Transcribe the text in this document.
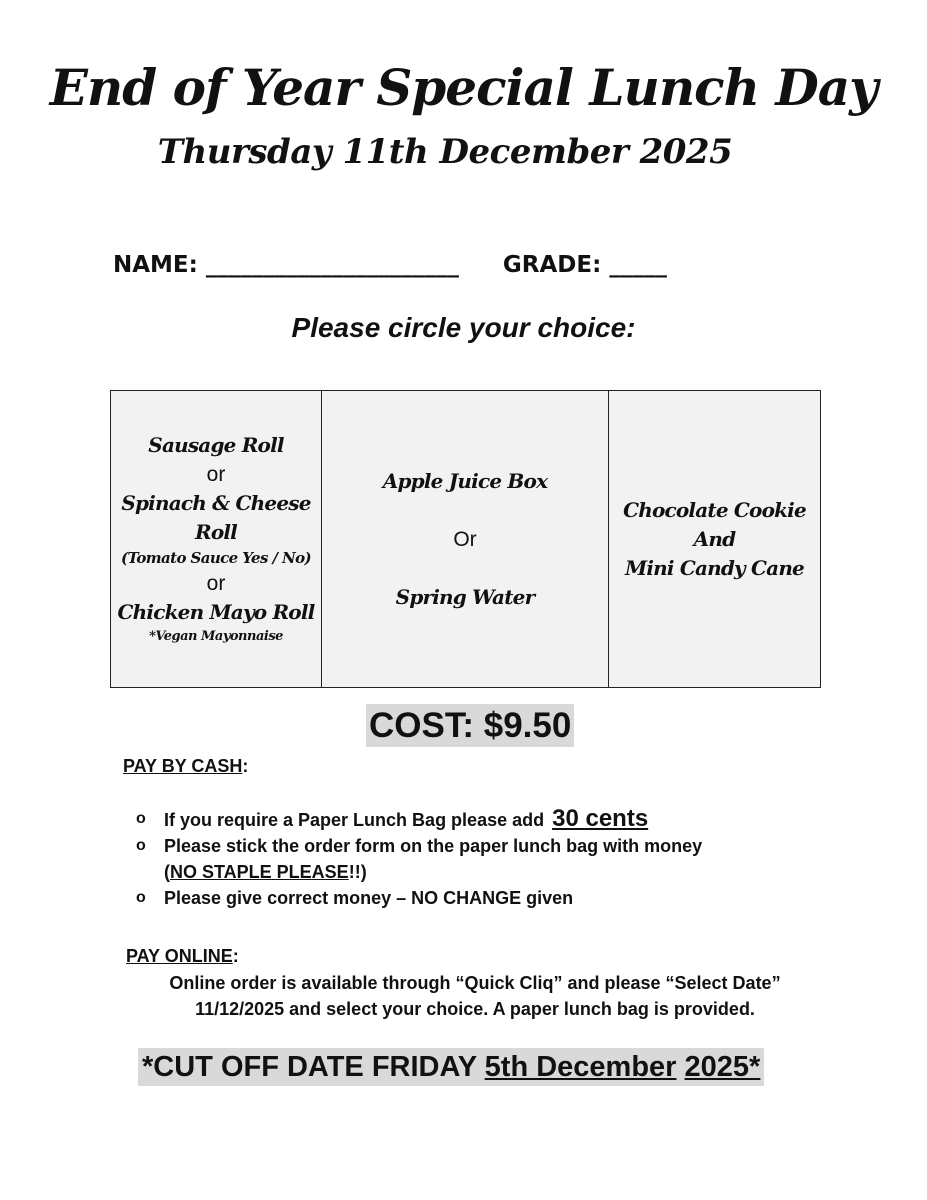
End of Year Special Lunch Day
Thursday 11th December 2025
NAME: ______________________ GRADE: _____
Please circle your choice:
Sausage Roll
or
Spinach & Cheese Roll
(Tomato Sauce Yes / No)
or
Chicken Mayo Roll
*Vegan Mayonnaise

Apple Juice Box
Or
Spring Water

Chocolate Cookie
And
Mini Candy Cane
COST: $9.50
PAY BY CASH:
o If you require a Paper Lunch Bag please add 30 cents
o Please stick the order form on the paper lunch bag with money
(NO STAPLE PLEASE!!)
o Please give correct money – NO CHANGE given
PAY ONLINE:
Online order is available through “Quick Cliq” and please “Select Date”
11/12/2025 and select your choice. A paper lunch bag is provided.
*CUT OFF DATE FRIDAY 5th December 2025*
